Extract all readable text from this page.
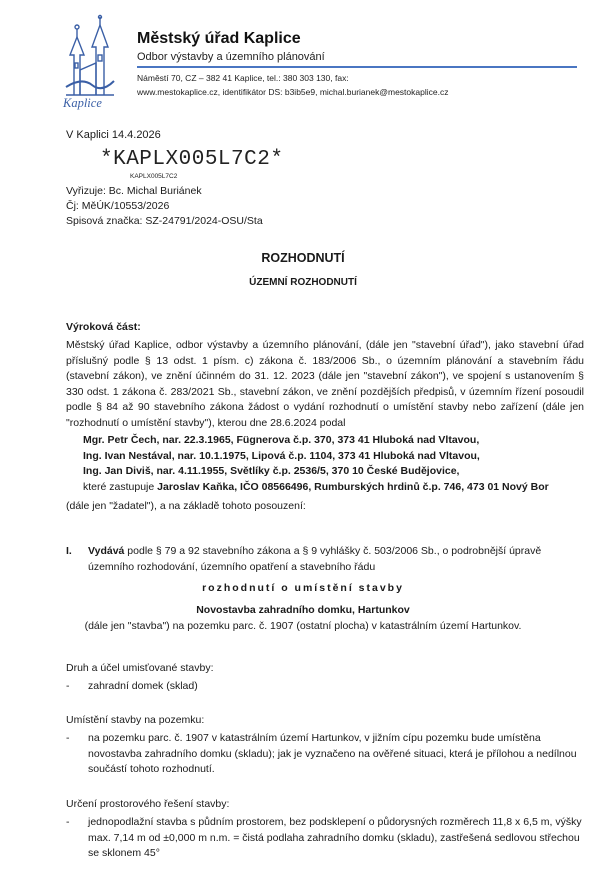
Kaplice
Městský úřad Kaplice
Odbor výstavby a územního plánování
Náměstí 70, CZ – 382 41 Kaplice, tel.: 380 303 130, fax:
www.mestokaplice.cz, identifikátor DS: b3ib5e9, michal.burianek@mestokaplice.cz
V Kaplici 14.4.2026
*KAPLX005L7C2*
KAPLX005L7C2
Vyřizuje: Bc. Michal Buriánek
Čj: MěÚK/10553/2026
Spisová značka: SZ-24791/2024-OSU/Sta
ROZHODNUTÍ
ÚZEMNÍ ROZHODNUTÍ
Výroková část:
Městský úřad Kaplice, odbor výstavby a územního plánování, (dále jen "stavební úřad"), jako stavební úřad příslušný podle § 13 odst. 1 písm. c) zákona č. 183/2006 Sb., o územním plánování a stavebním řádu (stavební zákon), ve znění účinném do 31. 12. 2023 (dále jen "stavební zákon"), ve spojení s ustanovením § 330 odst. 1 zákona č. 283/2021 Sb., stavební zákon, ve znění pozdějších předpisů, v územním řízení posoudil podle § 84 až 90 stavebního zákona žádost o vydání rozhodnutí o umístění stavby nebo zařízení (dále jen "rozhodnutí o umístění stavby"), kterou dne 28.6.2024 podal
Mgr. Petr Čech, nar. 22.3.1965, Fügnerova č.p. 370, 373 41 Hluboká nad Vltavou,
Ing. Ivan Nestával, nar. 10.1.1975, Lipová č.p. 1104, 373 41 Hluboká nad Vltavou,
Ing. Jan Diviš, nar. 4.11.1955, Světlíky č.p. 2536/5, 370 10 České Budějovice,
které zastupuje Jaroslav Kaňka, IČO 08566496, Rumburských hrdinů č.p. 746, 473 01 Nový Bor
(dále jen "žadatel"), a na základě tohoto posouzení:
I. Vydává podle § 79 a 92 stavebního zákona a § 9 vyhlášky č. 503/2006 Sb., o podrobnější úpravě územního rozhodování, územního opatření a stavebního řádu
rozhodnutí o umístění stavby
Novostavba zahradního domku, Hartunkov
(dále jen "stavba") na pozemku parc. č. 1907 (ostatní plocha) v katastrálním území Hartunkov.
Druh a účel umisťované stavby:
- zahradní domek (sklad)
Umístění stavby na pozemku:
- na pozemku parc. č. 1907 v katastrálním území Hartunkov, v jižním cípu pozemku bude umístěna novostavba zahradního domku (skladu); jak je vyznačeno na ověřené situaci, která je přílohou a nedílnou součástí tohoto rozhodnutí.
Určení prostorového řešení stavby:
- jednopodlažní stavba s půdním prostorem, bez podsklepení o půdorysných rozměrech 11,8 x 6,5 m, výšky max. 7,14 m od ±0,000 m n.m. = čistá podlaha zahradního domku (skladu), zastřešená sedlovou střechou se sklonem 45°
